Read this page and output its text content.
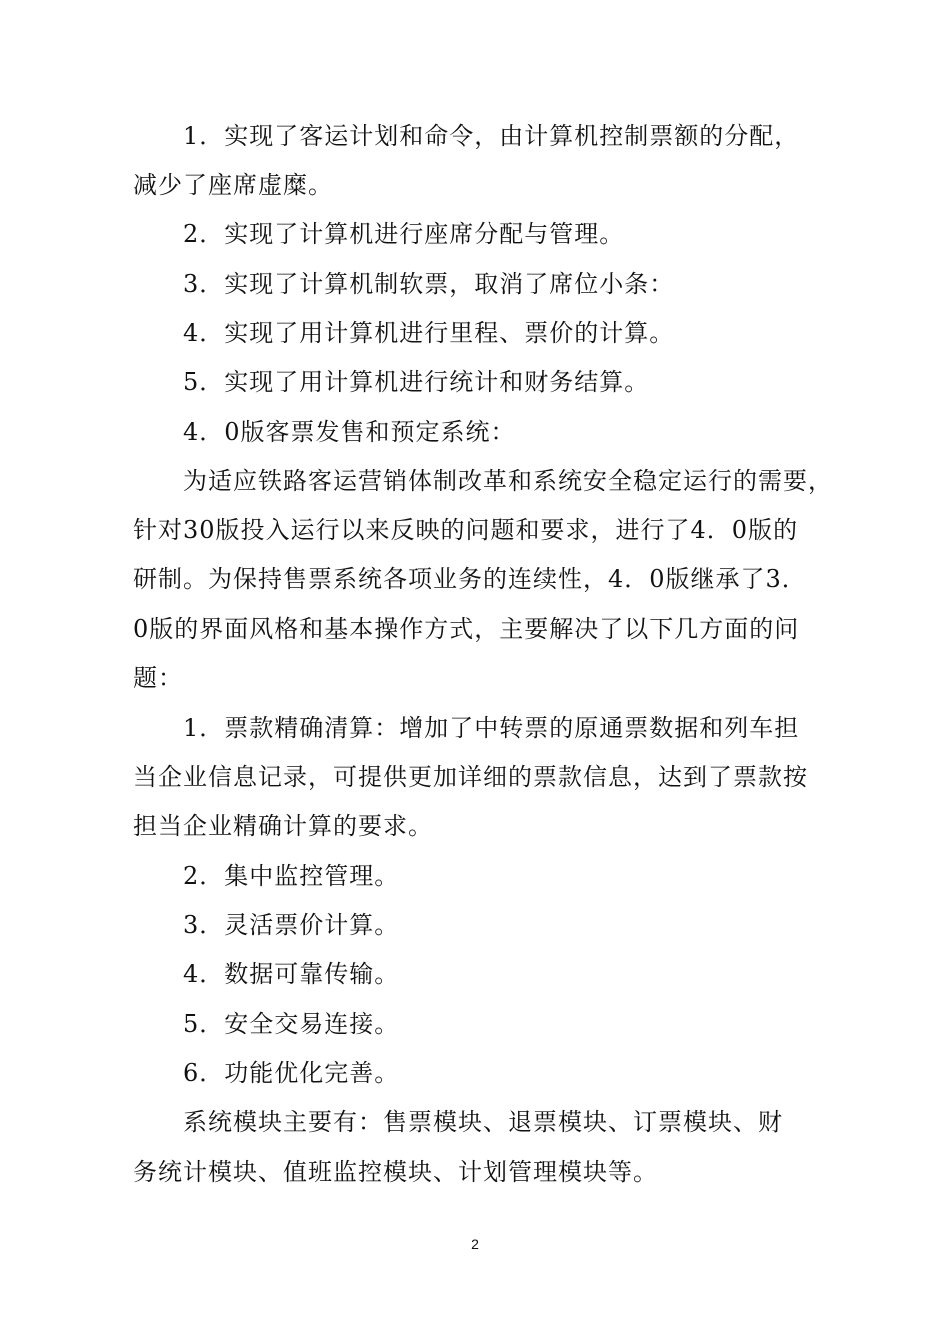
1．实现了客运计划和命令，由计算机控制票额的分配，
减少了座席虚糜。
2．实现了计算机进行座席分配与管理。
3．实现了计算机制软票，取消了席位小条：
4．实现了用计算机进行里程、票价的计算。
5．实现了用计算机进行统计和财务结算。
4．0版客票发售和预定系统：
为适应铁路客运营销体制改革和系统安全稳定运行的需要，
针对30版投入运行以来反映的问题和要求，进行了4．0版的
研制。为保持售票系统各项业务的连续性，4．0版继承了3．
0版的界面风格和基本操作方式，主要解决了以下几方面的问
题：
1．票款精确清算：增加了中转票的原通票数据和列车担
当企业信息记录，可提供更加详细的票款信息，达到了票款按
担当企业精确计算的要求。
2．集中监控管理。
3．灵活票价计算。
4．数据可靠传输。
5．安全交易连接。
6．功能优化完善。
系统模块主要有：售票模块、退票模块、订票模块、财
务统计模块、值班监控模块、计划管理模块等。
2
